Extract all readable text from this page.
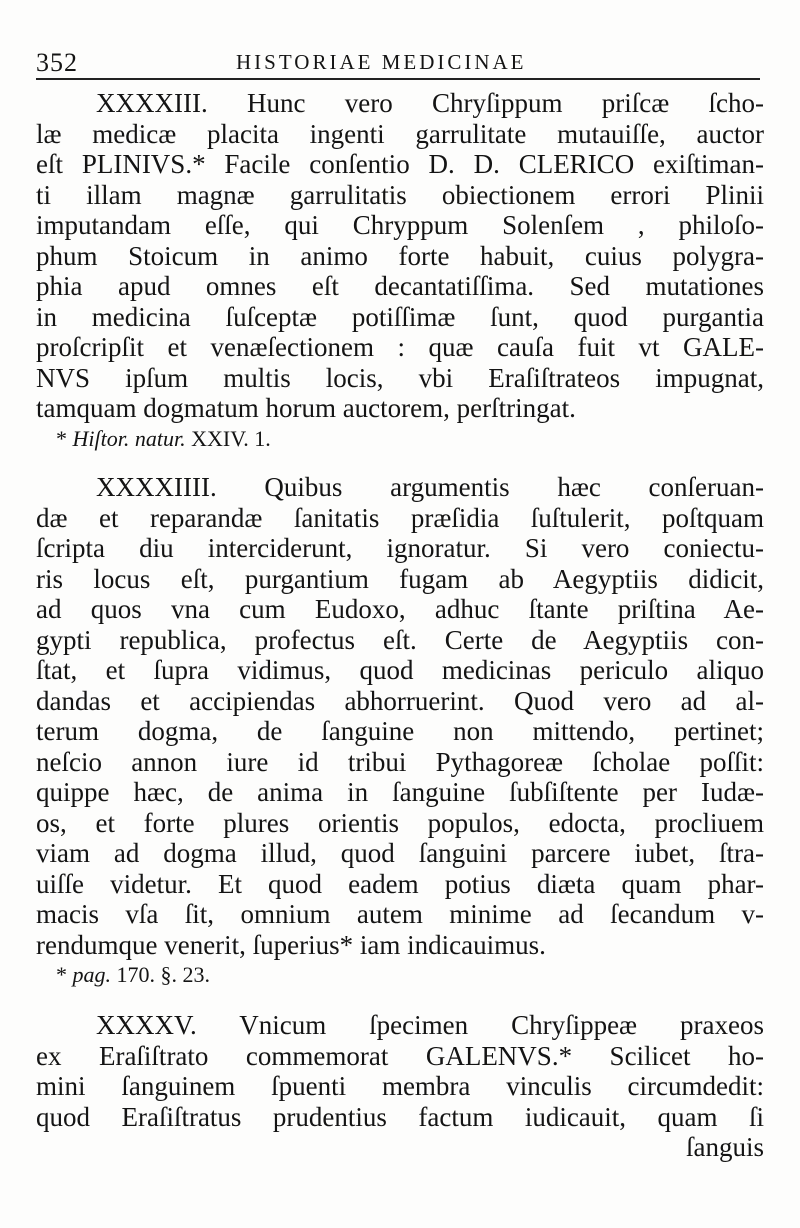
352	HISTORIAE MEDICINAE
XXXXIII. Hunc vero Chryſippum priſcæ ſcho-
læ medicæ placita ingenti garrulitate mutauiſſe, auctor
eſt PLINIVS.* Facile conſentio D. D. CLERICO exiſtiman-
ti illam magnæ garrulitatis obiectionem errori Plinii
imputandam eſſe, qui Chryppum Solenſem , philoſo-
phum Stoicum in animo forte habuit, cuius polygra-
phia apud omnes eſt decantatiſſima. Sed mutationes
in medicina ſuſceptæ potiſſimæ ſunt, quod purgantia
proſcripſit et venæſectionem : quæ cauſa fuit vt GALE-
NVS ipſum multis locis, vbi Eraſiſtrateos impugnat,
tamquam dogmatum horum auctorem, perſtringat.
* Hiſtor. natur. XXIV. 1.
XXXXIIII. Quibus argumentis hæc conſeruan-
dæ et reparandæ ſanitatis præſidia ſuſtulerit, poſtquam
ſcripta diu interciderunt, ignoratur. Si vero coniectu-
ris locus eſt, purgantium fugam ab Aegyptiis didicit,
ad quos vna cum Eudoxo, adhuc ſtante priſtina Ae-
gypti republica, profectus eſt. Certe de Aegyptiis con-
ſtat, et ſupra vidimus, quod medicinas periculo aliquo
dandas et accipiendas abhorruerint. Quod vero ad al-
terum dogma, de ſanguine non mittendo, pertinet;
neſcio annon iure id tribui Pythagoreæ ſcholae poſſit:
quippe hæc, de anima in ſanguine ſubſiſtente per Iudæ-
os, et forte plures orientis populos, edocta, procliuem
viam ad dogma illud, quod ſanguini parcere iubet, ſtra-
uiſſe videtur. Et quod eadem potius diæta quam phar-
macis vſa ſit, omnium autem minime ad ſecandum v-
rendumque venerit, ſuperius* iam indicauimus.
* pag. 170. §. 23.
XXXXV. Vnicum ſpecimen Chryſippeæ praxeos
ex Eraſiſtrato commemorat GALENVS.* Scilicet ho-
mini ſanguinem ſpuenti membra vinculis circumdedit:
quod Eraſiſtratus prudentius factum iudicauit, quam ſi
ſanguis
